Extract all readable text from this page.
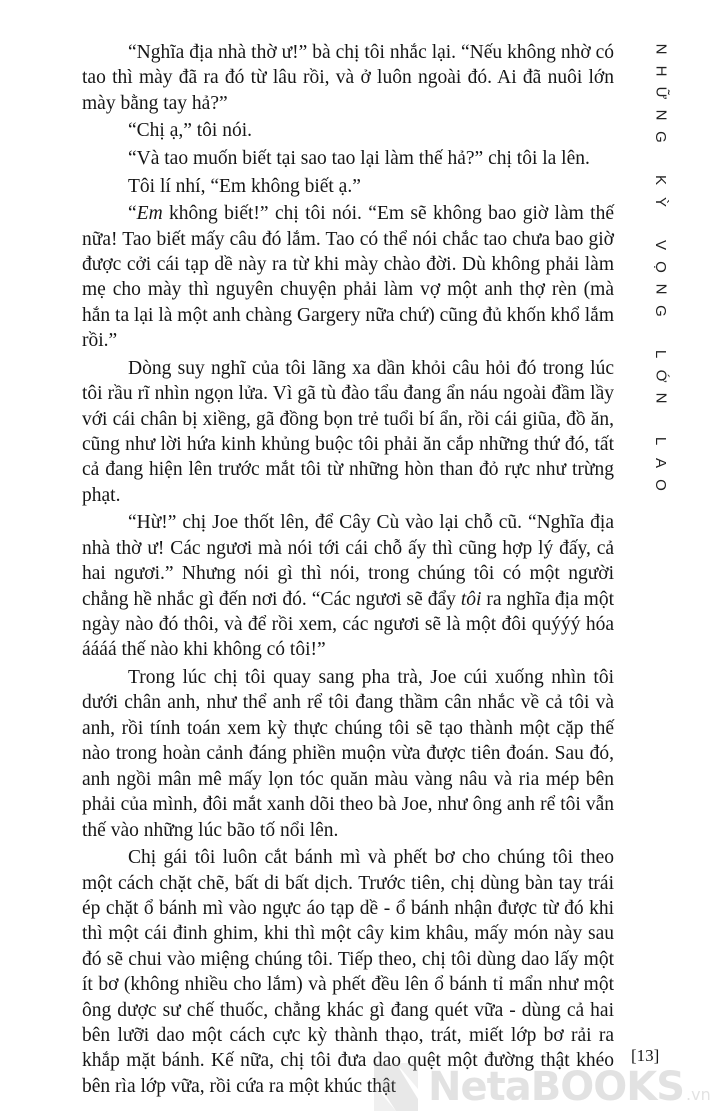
“Nghĩa địa nhà thờ ư!” bà chị tôi nhắc lại. “Nếu không nhờ có tao thì mày đã ra đó từ lâu rồi, và ở luôn ngoài đó. Ai đã nuôi lớn mày bằng tay hả?”

“Chị ạ,” tôi nói.

“Và tao muốn biết tại sao tao lại làm thế hả?” chị tôi la lên.

Tôi lí nhí, “Em không biết ạ.”

“Em không biết!” chị tôi nói. “Em sẽ không bao giờ làm thế nữa! Tao biết mấy câu đó lắm. Tao có thể nói chắc tao chưa bao giờ được cởi cái tạp dề này ra từ khi mày chào đời. Dù không phải làm mẹ cho mày thì nguyên chuyện phải làm vợ một anh thợ rèn (mà hắn ta lại là một anh chàng Gargery nữa chứ) cũng đủ khốn khổ lắm rồi.”

Dòng suy nghĩ của tôi lãng xa dần khỏi câu hỏi đó trong lúc tôi rầu rĩ nhìn ngọn lửa. Vì gã tù đào tẩu đang ẩn náu ngoài đầm lầy với cái chân bị xiềng, gã đồng bọn trẻ tuổi bí ẩn, rồi cái giũa, đồ ăn, cũng như lời hứa kinh khủng buộc tôi phải ăn cắp những thứ đó, tất cả đang hiện lên trước mắt tôi từ những hòn than đỏ rực như trừng phạt.

“Hừ!” chị Joe thốt lên, để Cây Cù vào lại chỗ cũ. “Nghĩa địa nhà thờ ư! Các ngươi mà nói tới cái chỗ ấy thì cũng hợp lý đấy, cả hai ngươi.” Nhưng nói gì thì nói, trong chúng tôi có một người chẳng hề nhắc gì đến nơi đó. “Các ngươi sẽ đẩy tôi ra nghĩa địa một ngày nào đó thôi, và để rồi xem, các ngươi sẽ là một đôi quýýý hóa áááá thế nào khi không có tôi!”

Trong lúc chị tôi quay sang pha trà, Joe cúi xuống nhìn tôi dưới chân anh, như thể anh rể tôi đang thầm cân nhắc về cả tôi và anh, rồi tính toán xem kỳ thực chúng tôi sẽ tạo thành một cặp thế nào trong hoàn cảnh đáng phiền muộn vừa được tiên đoán. Sau đó, anh ngồi mân mê mấy lọn tóc quăn màu vàng nâu và ria mép bên phải của mình, đôi mắt xanh dõi theo bà Joe, như ông anh rể tôi vẫn thế vào những lúc bão tố nổi lên.

Chị gái tôi luôn cắt bánh mì và phết bơ cho chúng tôi theo một cách chặt chẽ, bất di bất dịch. Trước tiên, chị dùng bàn tay trái ép chặt ổ bánh mì vào ngực áo tạp dề - ổ bánh nhận được từ đó khi thì một cái đinh ghim, khi thì một cây kim khâu, mấy món này sau đó sẽ chui vào miệng chúng tôi. Tiếp theo, chị tôi dùng dao lấy một ít bơ (không nhiều cho lắm) và phết đều lên ổ bánh tỉ mẩn như một ông dược sư chế thuốc, chẳng khác gì đang quét vữa - dùng cả hai bên lưỡi dao một cách cực kỳ thành thạo, trát, miết lớp bơ rải ra khắp mặt bánh. Kế nữa, chị tôi đưa dao quệt một đường thật khéo bên rìa lớp vữa, rồi cứa ra một khúc thật

N
H
Ữ
N
G
K
Ỳ
V
Ọ
N
G
L
Ớ
N
L
A
O
[13]
NetaBOOKS .vn
